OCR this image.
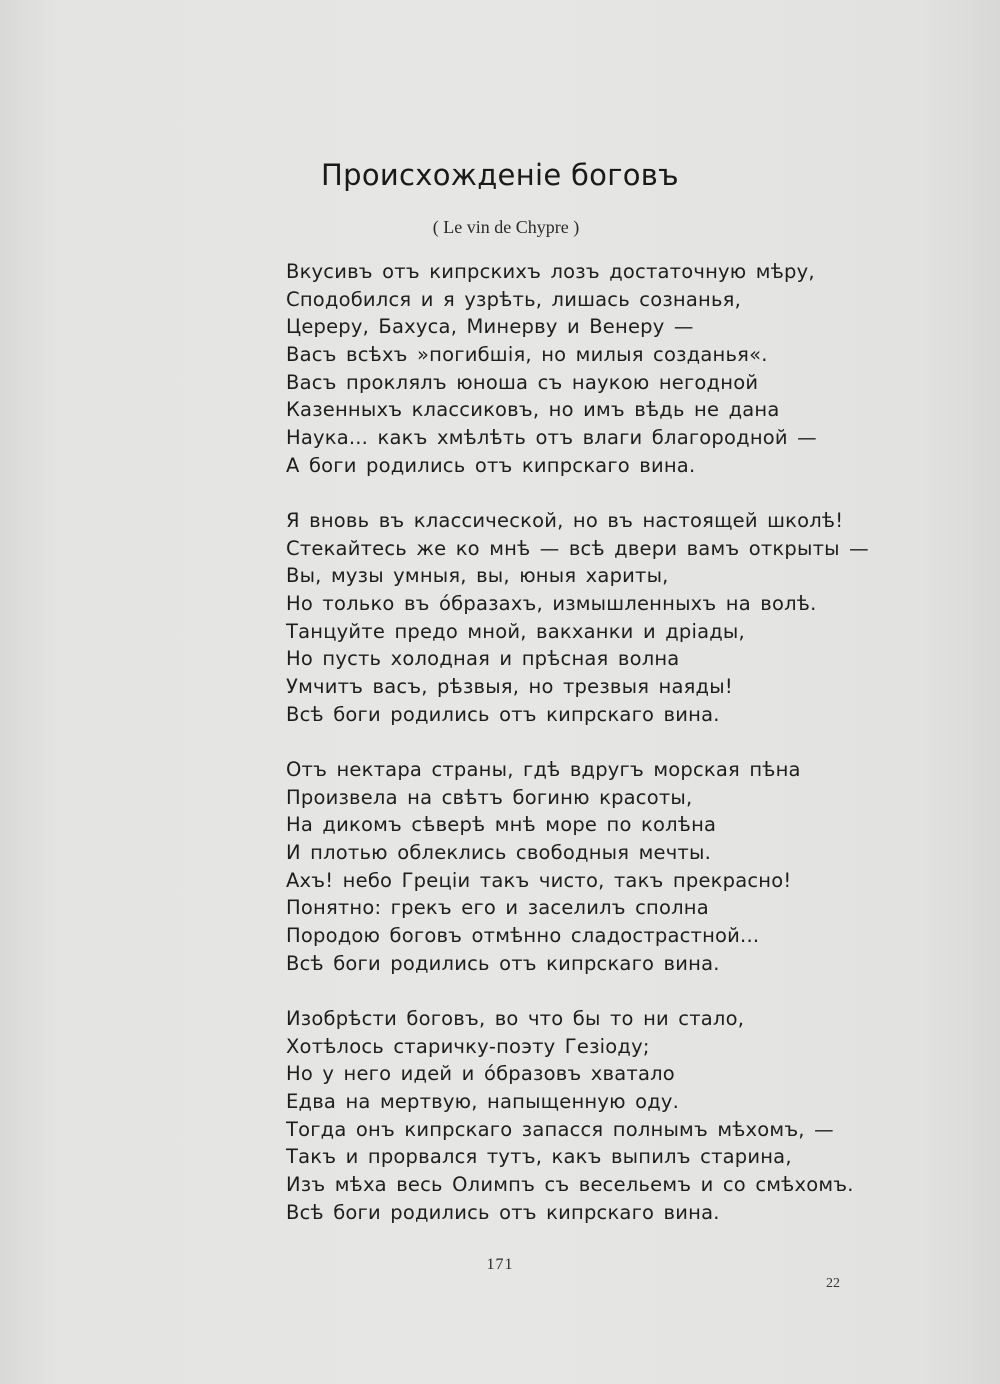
Происхожденіе боговъ
( Le vin de Chypre )
Вкусивъ отъ кипрскихъ лозъ достаточную мѣру,
Сподобился и я узрѣть, лишась сознанья,
Цереру, Бахуса, Минерву и Венеру —
Васъ всѣхъ »погибшія, но милыя созданья«.
Васъ проклялъ юноша съ наукою негодной
Казенныхъ классиковъ, но имъ вѣдь не дана
Наука... какъ хмѣлѣть отъ влаги благородной —
А боги родились отъ кипрскаго вина.
Я вновь въ классической, но въ настоящей школѣ!
Стекайтесь же ко мнѣ — всѣ двери вамъ открыты —
Вы, музы умныя, вы, юныя хариты,
Но только въ óбразахъ, измышленныхъ на волѣ.
Танцуйте предо мной, вакханки и дріады,
Но пусть холодная и прѣсная волна
Умчитъ васъ, рѣзвыя, но трезвыя наяды!
Всѣ боги родились отъ кипрскаго вина.
Отъ нектара страны, гдѣ вдругъ морская пѣна
Произвела на свѣтъ богиню красоты,
На дикомъ сѣверѣ мнѣ море по колѣна
И плотью облеклись свободныя мечты.
Ахъ! небо Греціи такъ чисто, такъ прекрасно!
Понятно: грекъ его и заселилъ сполна
Породою боговъ отмѣнно сладострастной...
Всѣ боги родились отъ кипрскаго вина.
Изобрѣсти боговъ, во что бы то ни стало,
Хотѣлось старичку-поэту Гезіоду;
Но у него идей и óбразовъ хватало
Едва на мертвую, напыщенную оду.
Тогда онъ кипрскаго запасся полнымъ мѣхомъ, —
Такъ и прорвался тутъ, какъ выпилъ старина,
Изъ мѣха весь Олимпъ съ весельемъ и со смѣхомъ.
Всѣ боги родились отъ кипрскаго вина.
171
22
